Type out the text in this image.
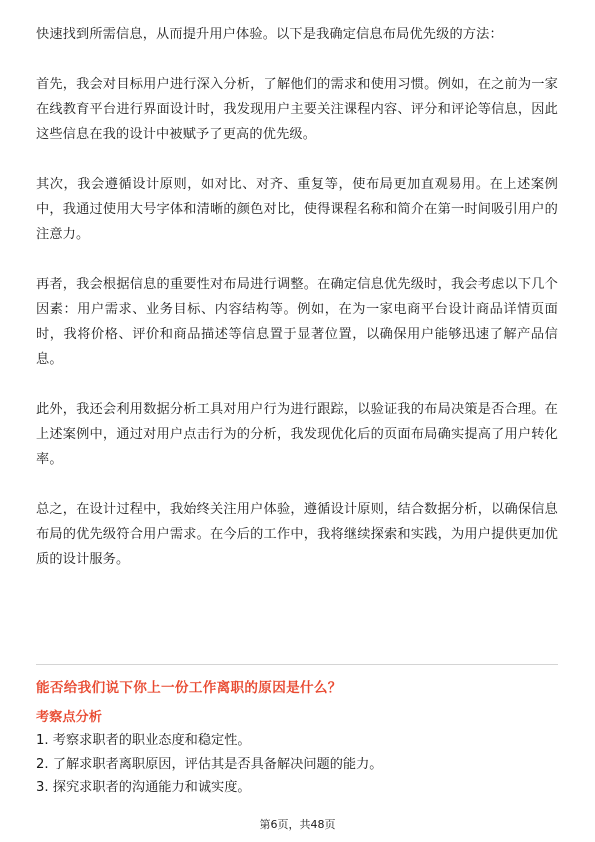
快速找到所需信息，从而提升用户体验。以下是我确定信息布局优先级的方法：

首先，我会对目标用户进行深入分析，了解他们的需求和使用习惯。例如，在之前为一家在线教育平台进行界面设计时，我发现用户主要关注课程内容、评分和评论等信息，因此这些信息在我的设计中被赋予了更高的优先级。

其次，我会遵循设计原则，如对比、对齐、重复等，使布局更加直观易用。在上述案例中，我通过使用大号字体和清晰的颜色对比，使得课程名称和简介在第一时间吸引用户的注意力。

再者，我会根据信息的重要性对布局进行调整。在确定信息优先级时，我会考虑以下几个因素：用户需求、业务目标、内容结构等。例如，在为一家电商平台设计商品详情页面时，我将价格、评价和商品描述等信息置于显著位置，以确保用户能够迅速了解产品信息。

此外，我还会利用数据分析工具对用户行为进行跟踪，以验证我的布局决策是否合理。在上述案例中，通过对用户点击行为的分析，我发现优化后的页面布局确实提高了用户转化率。

总之，在设计过程中，我始终关注用户体验，遵循设计原则，结合数据分析，以确保信息布局的优先级符合用户需求。在今后的工作中，我将继续探索和实践，为用户提供更加优质的设计服务。

能否给我们说下你上一份工作离职的原因是什么？
考察点分析
1. 考察求职者的职业态度和稳定性。
2. 了解求职者离职原因，评估其是否具备解决问题的能力。
3. 探究求职者的沟通能力和诚实度。
第6页，共48页
